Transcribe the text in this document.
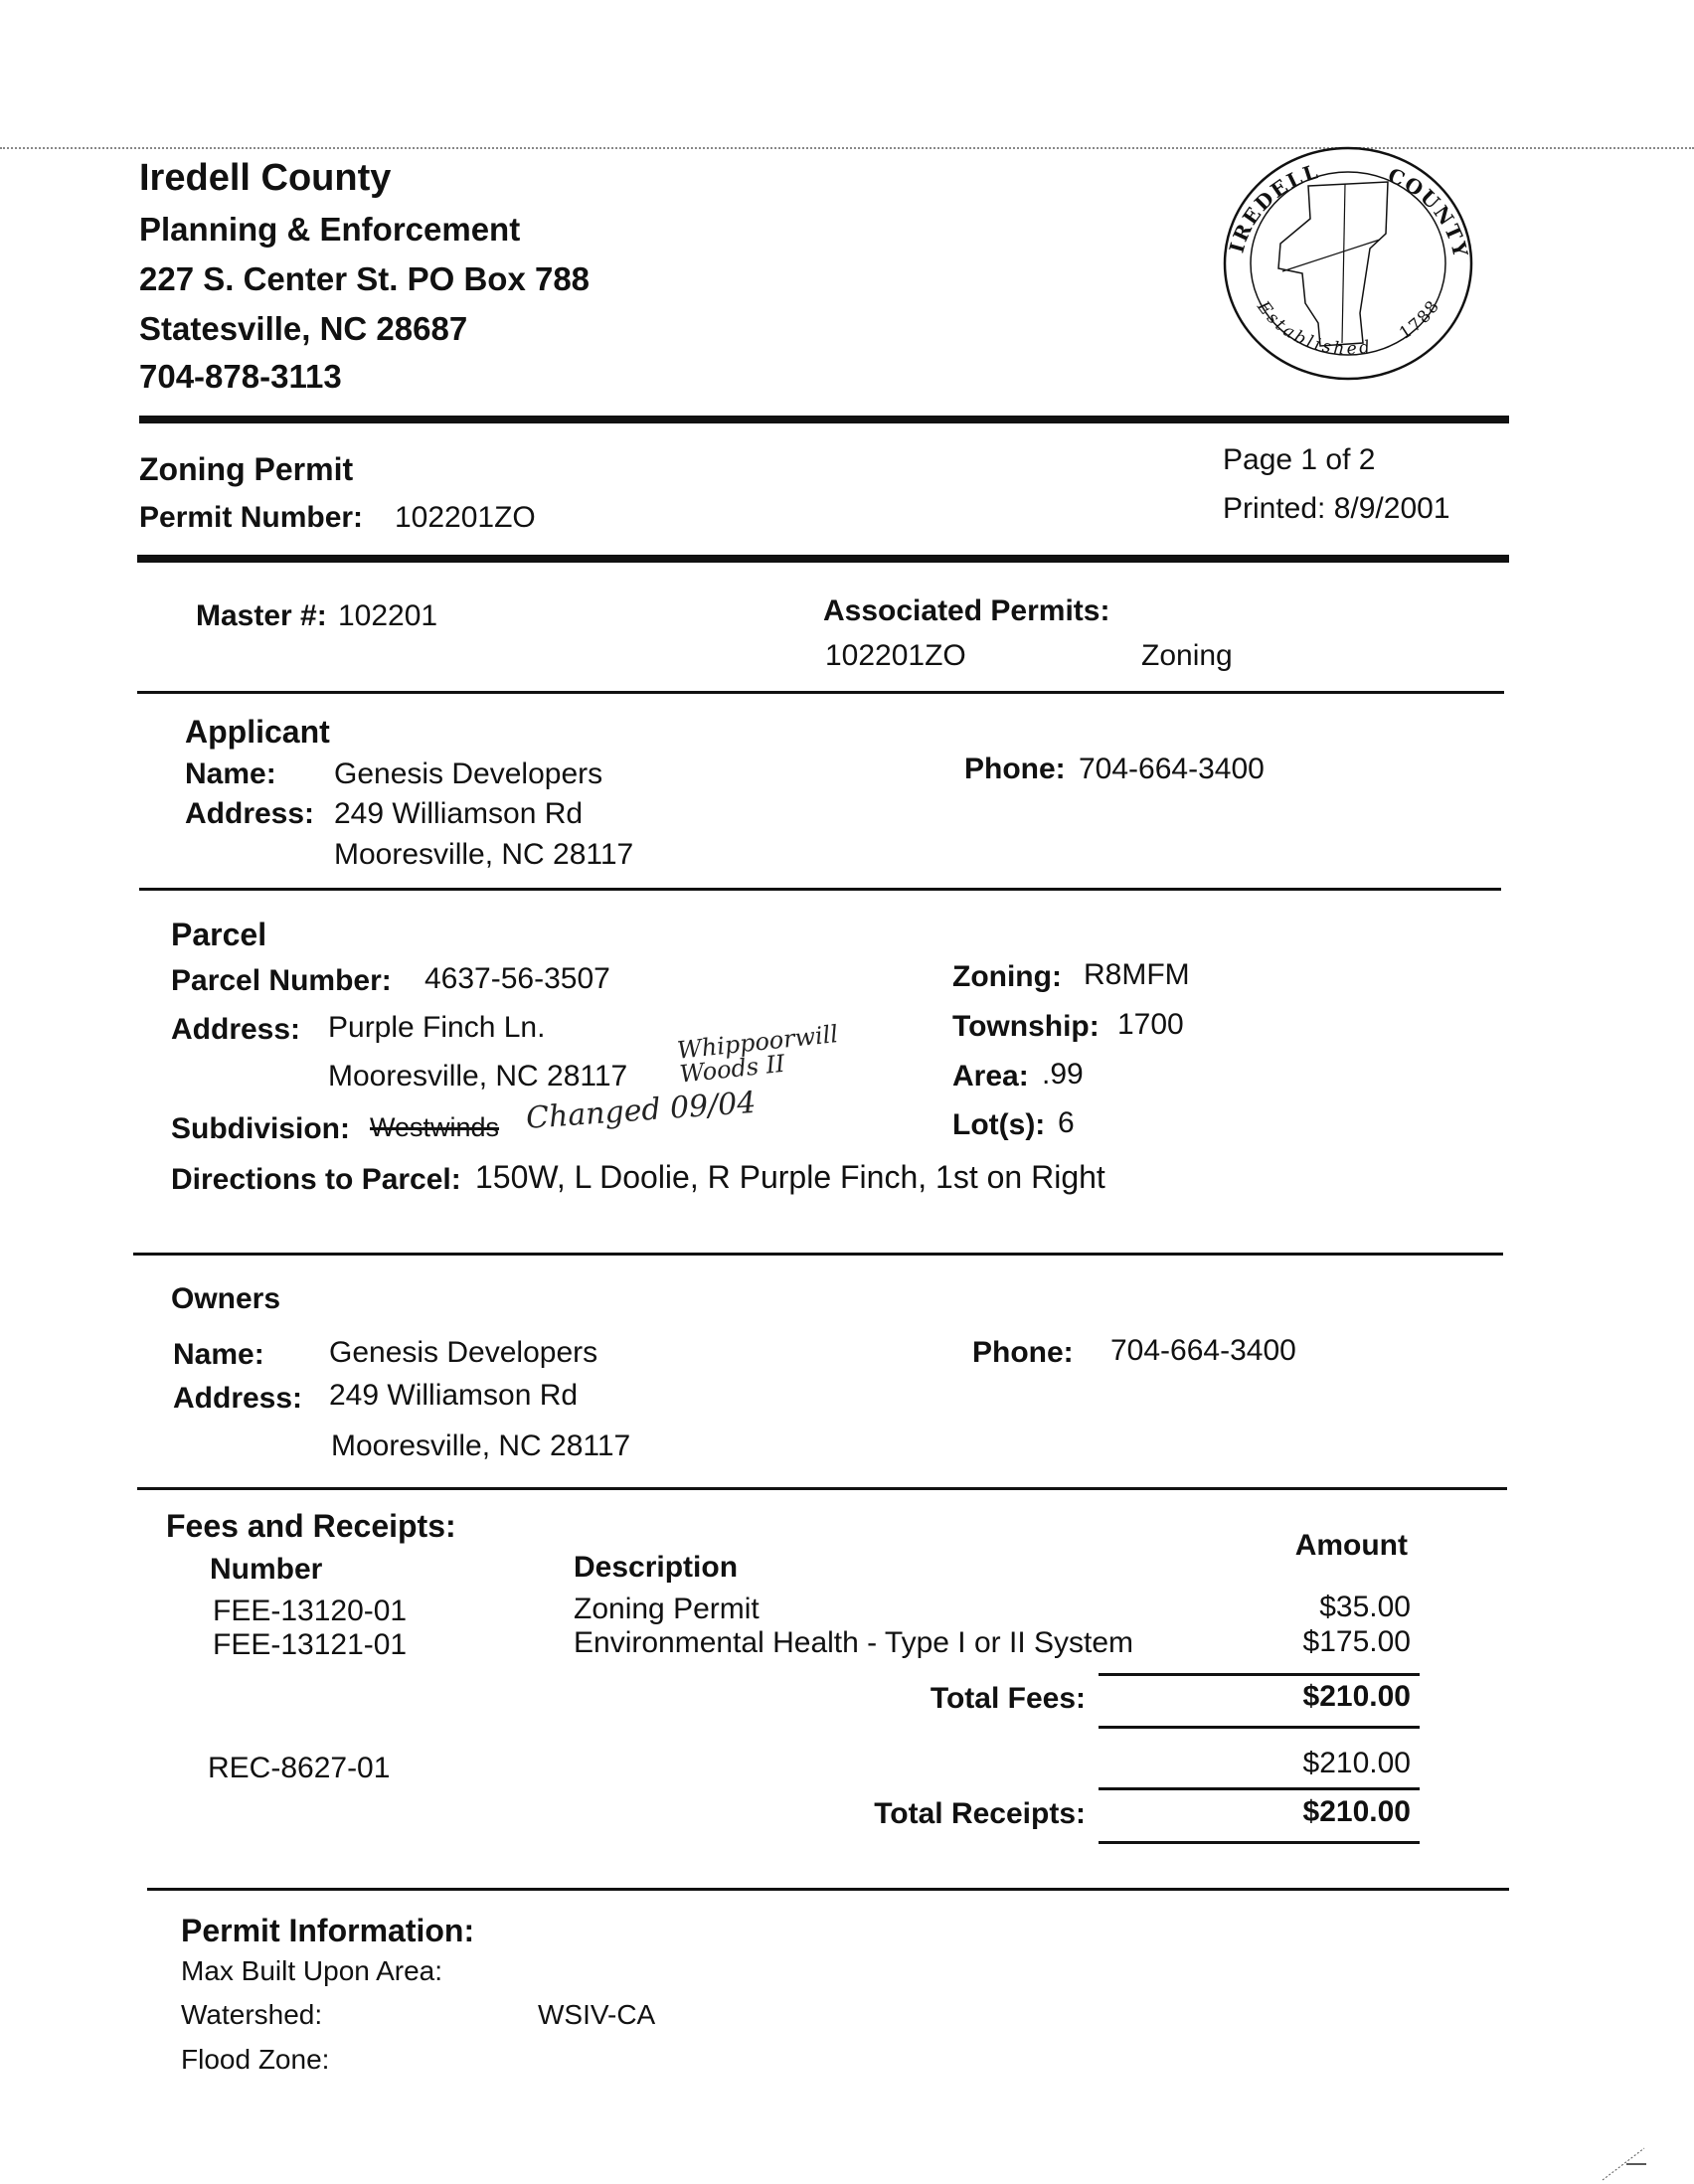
Iredell County
Planning & Enforcement
227 S. Center St. PO Box 788
Statesville, NC 28687
704-878-3113
IREDELL	COUNTY
Established
1788
Zoning Permit
Permit Number: 102201ZO
Page 1 of 2
Printed: 8/9/2001
Master #: 102201	Associated Permits:
102201ZO	Zoning
Applicant
Name: Genesis Developers
Address: 249 Williamson Rd
Mooresville, NC 28117
Phone: 704-664-3400
Parcel
Parcel Number: 4637-56-3507
Address: Purple Finch Ln.
Mooresville, NC 28117
Whippoorwill Woods II
Subdivision: Westwinds Changed 09/04
Directions to Parcel: 150W, L Doolie, R Purple Finch, 1st on Right
Zoning: R8MFM
Township: 1700
Area: .99
Lot(s): 6
Owners
Name: Genesis Developers
Address: 249 Williamson Rd
Mooresville, NC 28117
Phone: 704-664-3400
Fees and Receipts:
Number	Description
Amount
FEE-13120-01	Zoning Permit	$35.00
FEE-13121-01	Environmental Health - Type I or II System	$175.00
Total Fees:	$210.00
REC-8627-01	$210.00
Total Receipts:	$210.00
Permit Information:
Max Built Upon Area:
Watershed:	WSIV-CA
Flood Zone:
